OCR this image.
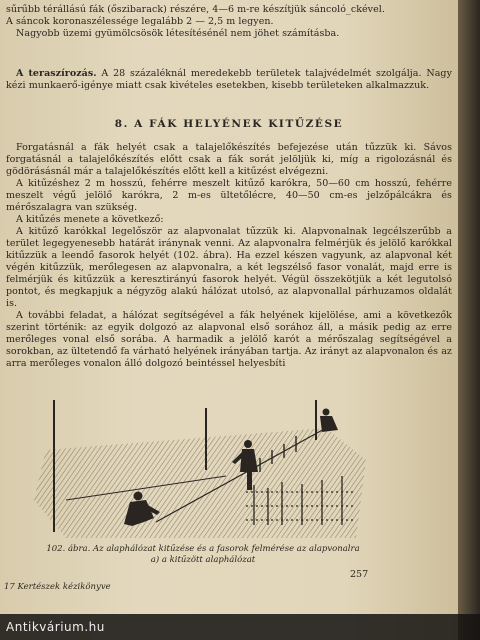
sűrűbb térállású fák (őszibarack) részére, 4—6 m-re készítjük sáncoló_ckével.

A sáncok koronaszélessége legalább 2 — 2,5 m legyen.

Nagyobb üzemi gyümölcsösök létesítésénél nem jöhet számításba.

A teraszírozás. A 28 százaléknál meredekebb területek talajvédelmét szolgálja. Nagy kézi munkaerő-igénye miatt csak kivételes esetekben, kisebb területeken alkalmazzuk.

8. A FÁK HELYÉNEK KITŰZÉSE

Forgatásnál a fák helyét csak a talajelőkészítés befejezése után tűzzük ki. Sávos forgatásnál a talajelőkészítés előtt csak a fák sorát jelöljük ki, míg a rigolozásnál és gödörásásnál már a talajelőkészítés előtt kell a kitűzést elvégezni.

A kitűzéshez 2 m hosszú, fehérre meszelt kitűző karókra, 50—60 cm hosszú, fehérre meszelt végű jelölő karókra, 2 m-es ültetőlécre, 40—50 cm-es jelzőpálcákra és mérőszalagra van szükség.

A kitűzés menete a következő:

A kitűző karókkal legelőször az alapvonalat tűzzük ki. Alapvonalnak legcélszerűbb a terület legegyenesebb határát iránynak venni. Az alapvonalra felmérjük és jelölő karókkal kitűzzük a leendő fasorok helyét (102. ábra). Ha ezzel készen vagyunk, az alapvonal két végén kitűzzük, merőlegesen az alapvonalra, a két legszélső fasor vonalát, majd erre is felmérjük és kitűzzük a keresztirányú fasorok helyét. Végül összekötjük a két legutolsó pontot, és megkapjuk a négyzög alakú hálózat utolsó, az alapvonallal párhuzamos oldalát is.

A további feladat, a hálózat segítségével a fák helyének kijelölése, ami a következők szerint történik: az egyik dolgozó az alapvonal első sorához áll, a másik pedig az erre merőleges vonal első sorába. A harmadik a jelölő karót a mérőszalag segítségével a sorokban, az ültetendő fa várható helyének irányában tartja. Az irányt az alapvonalon és az arra merőleges vonalon álló dolgozó beintéssel helyesbíti

102. ábra. Az alaphálózat kitűzése és a fasorok felmérése az alapvonalra
a) a kitűzött alaphálózat
17 Kertészek kézikönyve
257
Antikvárium.hu
